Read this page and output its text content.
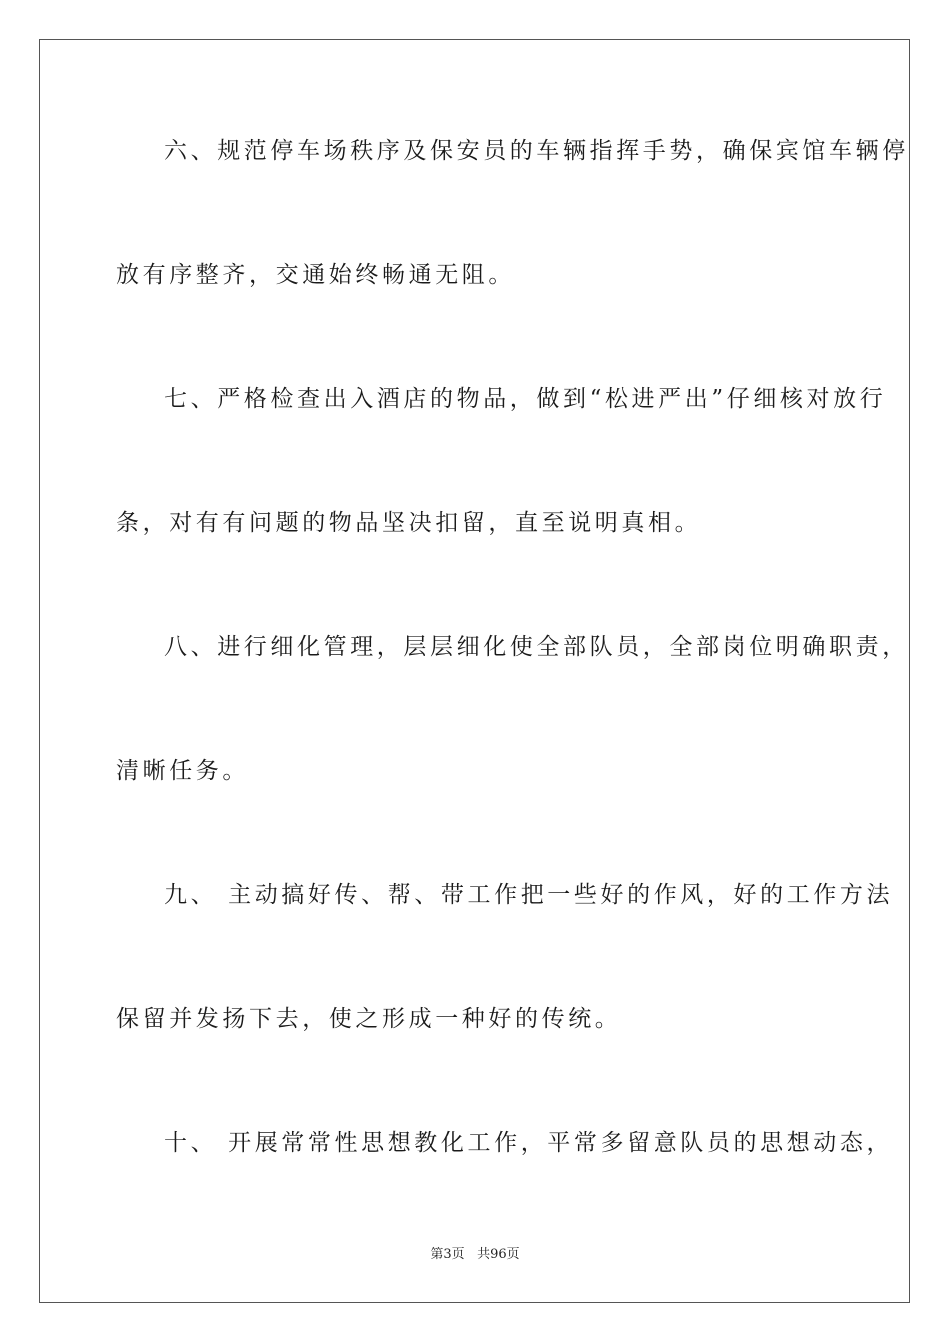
六、规范停车场秩序及保安员的车辆指挥手势，确保宾馆车辆停
放有序整齐，交通始终畅通无阻。
七、严格检查出入酒店的物品，做到“松进严出”仔细核对放行
条，对有有问题的物品坚决扣留，直至说明真相。
八、进行细化管理，层层细化使全部队员，全部岗位明确职责，
清晰任务。
九、 主动搞好传、帮、带工作把一些好的作风，好的工作方法
保留并发扬下去，使之形成一种好的传统。
十、 开展常常性思想教化工作，平常多留意队员的思想动态，
第3页 共96页
